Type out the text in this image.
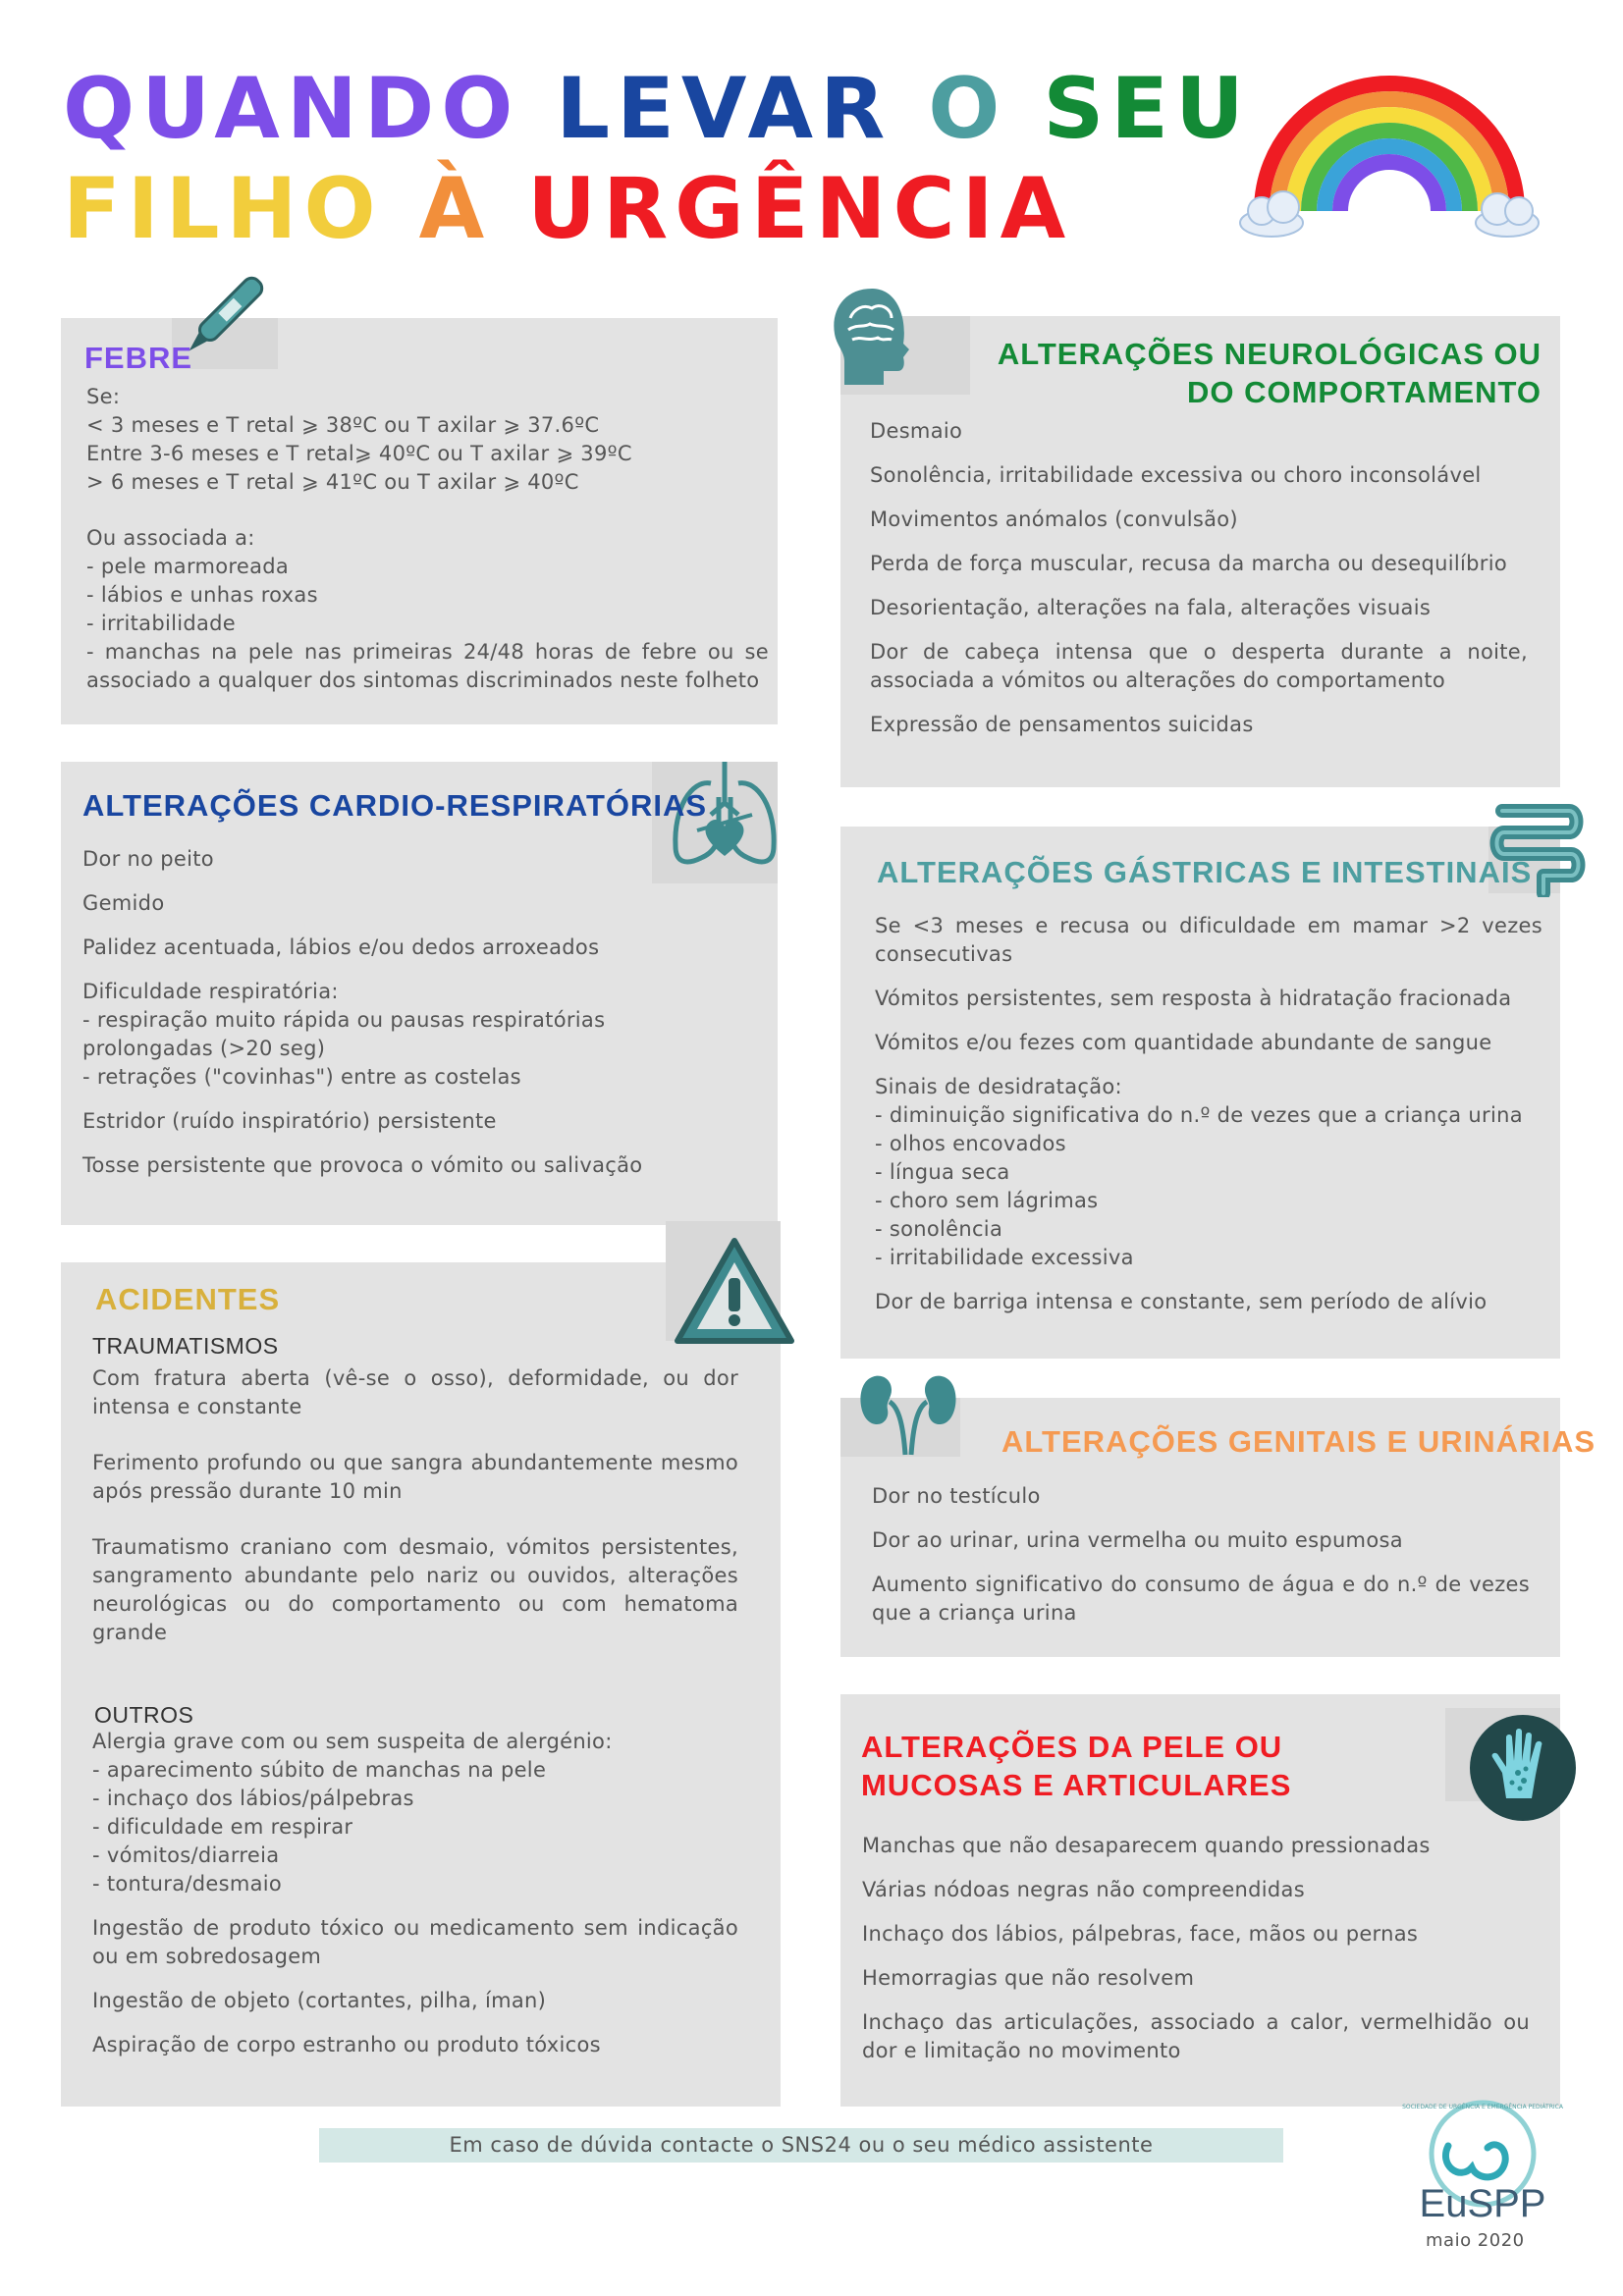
QUANDO LEVAR O SEU
FILHO À URGÊNCIA
FEBRE

Se:

< 3 meses e T retal ⩾ 38ºC ou T axilar ⩾ 37.6ºC

Entre 3-6 meses e T retal⩾ 40ºC ou T axilar ⩾ 39ºC

> 6 meses e T retal ⩾ 41ºC ou T axilar ⩾ 40ºC

Ou associada a:

- pele marmoreada

- lábios e unhas roxas

- irritabilidade

- manchas na pele nas primeiras 24/48 horas de febre ou se associado a qualquer dos sintomas discriminados neste folheto

ALTERAÇÕES NEUROLÓGICAS OU DO COMPORTAMENTO

Desmaio

Sonolência, irritabilidade excessiva ou choro inconsolável

Movimentos anómalos (convulsão)

Perda de força muscular, recusa da marcha ou desequilíbrio

Desorientação, alterações na fala, alterações visuais

Dor de cabeça intensa que o desperta durante a noite, associada a vómitos ou alterações do comportamento

Expressão de pensamentos suicidas

ALTERAÇÕES CARDIO-RESPIRATÓRIAS

Dor no peito

Gemido

Palidez acentuada, lábios e/ou dedos arroxeados

Dificuldade respiratória:

- respiração muito rápida ou pausas respiratórias prolongadas (>20 seg)

- retrações ("covinhas") entre as costelas

Estridor (ruído inspiratório) persistente

Tosse persistente que provoca o vómito ou salivação

ALTERAÇÕES GÁSTRICAS E INTESTINAIS

Se <3 meses e recusa ou dificuldade em mamar >2 vezes consecutivas

Vómitos persistentes, sem resposta à hidratação fracionada

Vómitos e/ou fezes com quantidade abundante de sangue

Sinais de desidratação:

- diminuição significativa do n.º de vezes que a criança urina

- olhos encovados

- língua seca

- choro sem lágrimas

- sonolência

- irritabilidade excessiva

Dor de barriga intensa e constante, sem período de alívio

ACIDENTES
TRAUMATISMOS

Com fratura aberta (vê-se o osso), deformidade, ou dor intensa e constante

Ferimento profundo ou que sangra abundantemente mesmo após pressão durante 10 min

Traumatismo craniano com desmaio, vómitos persistentes, sangramento abundante pelo nariz ou ouvidos, alterações neurológicas ou do comportamento ou com hematoma grande

OUTROS

Alergia grave com ou sem suspeita de alergénio:

- aparecimento súbito de manchas na pele

- inchaço dos lábios/pálpebras

- dificuldade em respirar

- vómitos/diarreia

- tontura/desmaio

Ingestão de produto tóxico ou medicamento sem indicação ou em sobredosagem

Ingestão de objeto (cortantes, pilha, íman)

Aspiração de corpo estranho ou produto tóxicos

ALTERAÇÕES GENITAIS E URINÁRIAS

Dor no testículo

Dor ao urinar, urina vermelha ou muito espumosa

Aumento significativo do consumo de água e do n.º de vezes que a criança urina

ALTERAÇÕES DA PELE OU MUCOSAS E ARTICULARES

Manchas que não desaparecem quando pressionadas

Várias nódoas negras não compreendidas

Inchaço dos lábios, pálpebras, face, mãos ou pernas

Hemorragias que não resolvem

Inchaço das articulações, associado a calor, vermelhidão ou dor e limitação no movimento

Em caso de dúvida contacte o SNS24 ou o seu médico assistente
SOCIEDADE DE URGÊNCIA E EMERGÊNCIA PEDIÁTRICA
EuSPP
maio 2020
